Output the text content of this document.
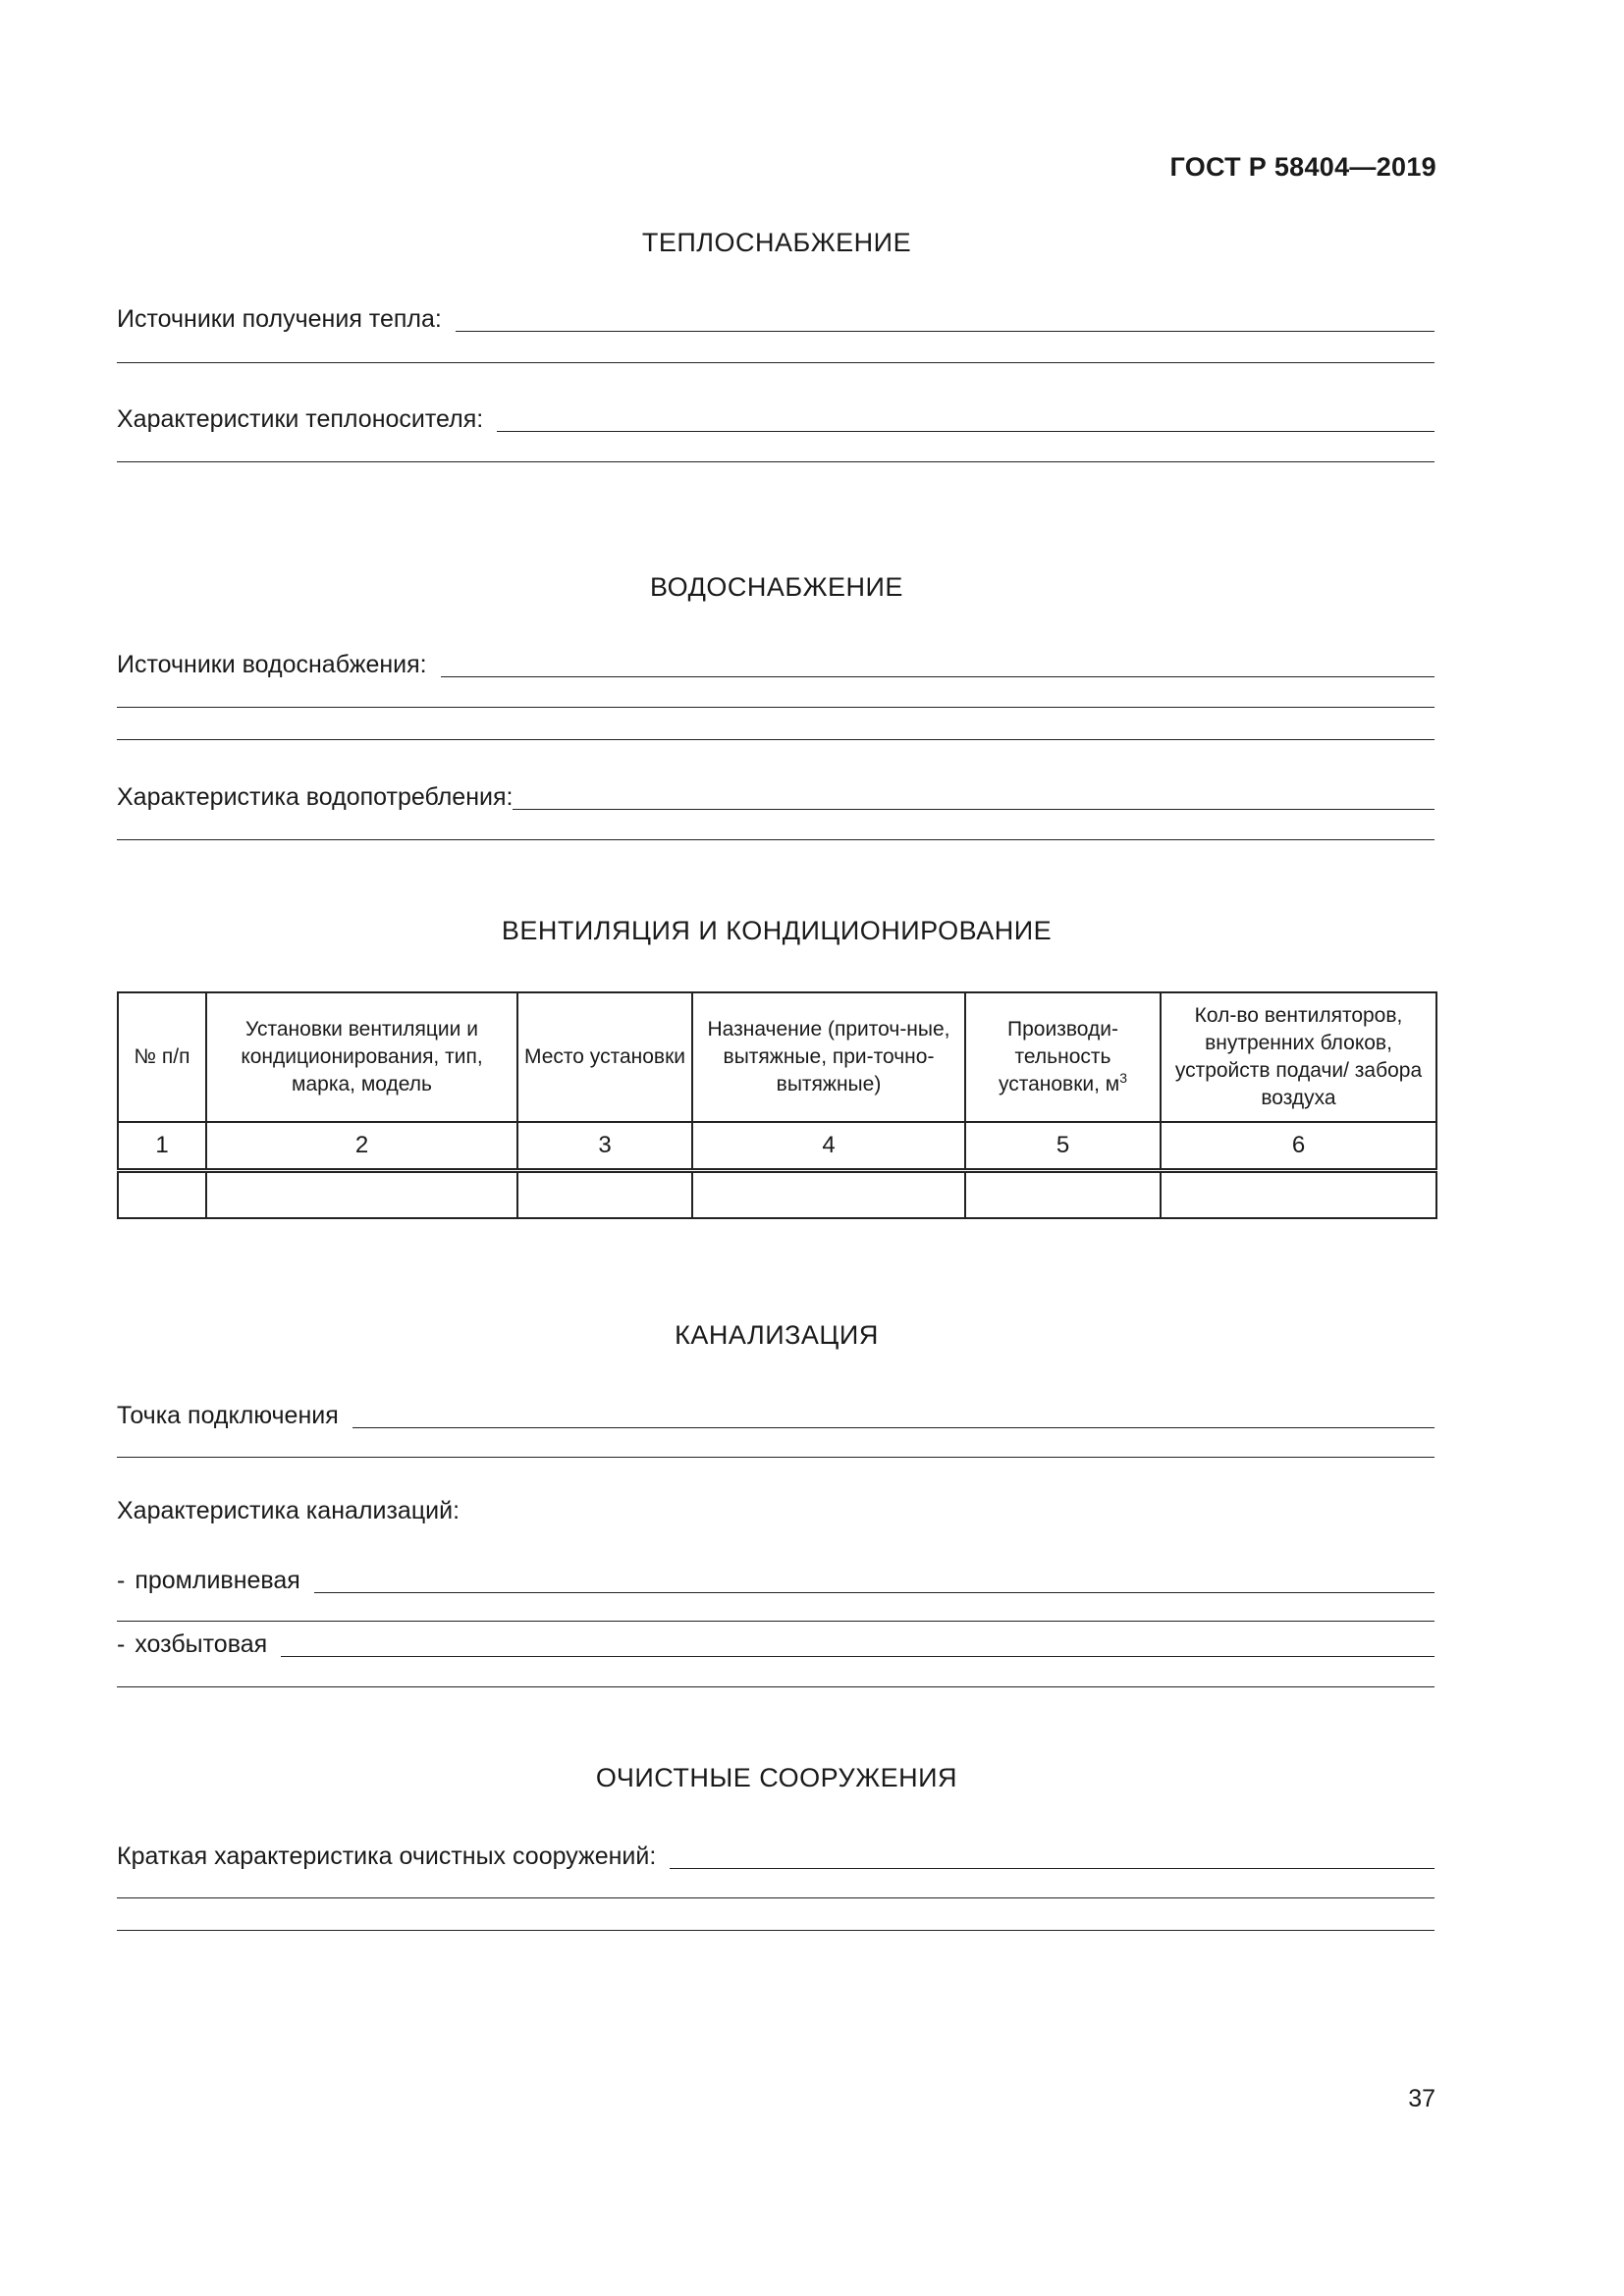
ГОСТ Р 58404—2019
ТЕПЛОСНАБЖЕНИЕ
Источники получения тепла:
Характеристики теплоносителя:
ВОДОСНАБЖЕНИЕ
Источники водоснабжения:
Характеристика водопотребления:
ВЕНТИЛЯЦИЯ И КОНДИЦИОНИРОВАНИЕ
№ п/п	Установки вентиляции и кондиционирования, тип, марка, модель	Место установки	Назначение (приточ-ные, вытяжные, при-точно-вытяжные)	Производи-тельность установки, $м^3$	Кол-во вентиляторов, внутренних блоков, устройств подачи/ забора воздуха
1	2	3	4	5	6

КАНАЛИЗАЦИЯ
Точка подключения
Характеристика канализаций:
- промливневая
- хозбытовая
ОЧИСТНЫЕ СООРУЖЕНИЯ
Краткая характеристика очистных сооружений:
37
